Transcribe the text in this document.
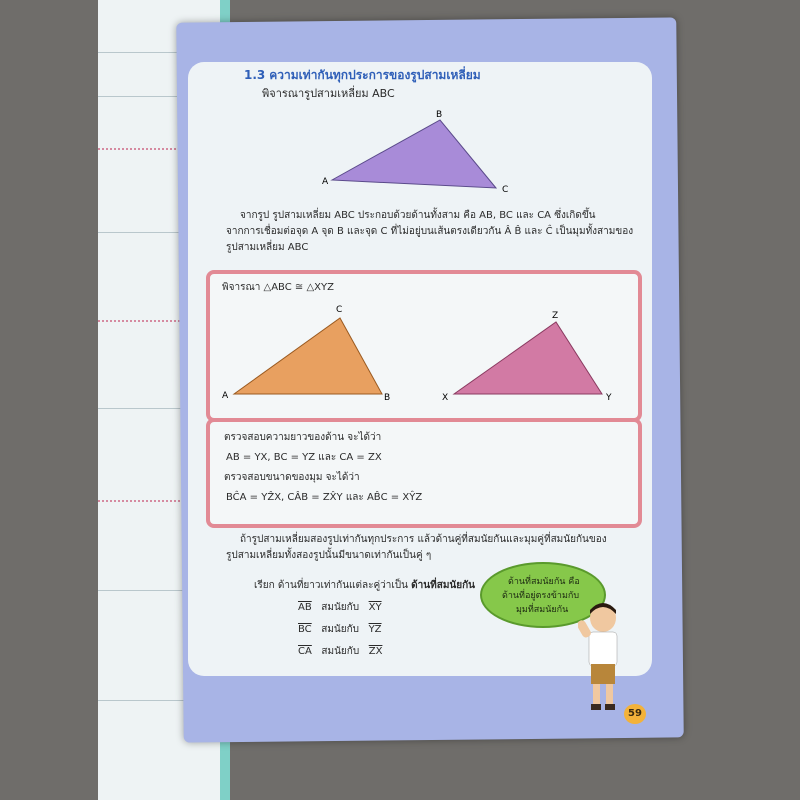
1.3 ความเท่ากันทุกประการของรูปสามเหลี่ยม
พิจารณารูปสามเหลี่ยม ABC
A
B
C
จากรูป รูปสามเหลี่ยม ABC ประกอบด้วยด้านทั้งสาม คือ AB, BC และ CA ซึ่งเกิดขึ้น
จากการเชื่อมต่อจุด A จุด B และจุด C ที่ไม่อยู่บนเส้นตรงเดียวกัน Â B̂ และ Ĉ เป็นมุมทั้งสามของ
รูปสามเหลี่ยม ABC
พิจารณา △ABC ≅ △XYZ
A	B
C
X	Y
Z
ตรวจสอบความยาวของด้าน จะได้ว่า
AB = YX, BC = YZ และ CA = ZX
ตรวจสอบขนาดของมุม จะได้ว่า
BĈA = YẐX, CÂB = ZX̂Y และ AB̂C = XŶZ
ถ้ารูปสามเหลี่ยมสองรูปเท่ากันทุกประการ แล้วด้านคู่ที่สมนัยกันและมุมคู่ที่สมนัยกันของ
รูปสามเหลี่ยมทั้งสองรูปนั้นมีขนาดเท่ากันเป็นคู่ ๆ
เรียก ด้านที่ยาวเท่ากันแต่ละคู่ว่าเป็น ด้านที่สมนัยกัน
$\overline{AB}$ สมนัยกับ $\overline{XY}$
$\overline{BC}$ สมนัยกับ $\overline{YZ}$
$\overline{CA}$ สมนัยกับ $\overline{ZX}$
ด้านที่สมนัยกัน คือ
ด้านที่อยู่ตรงข้ามกับ
มุมที่สมนัยกัน
59
